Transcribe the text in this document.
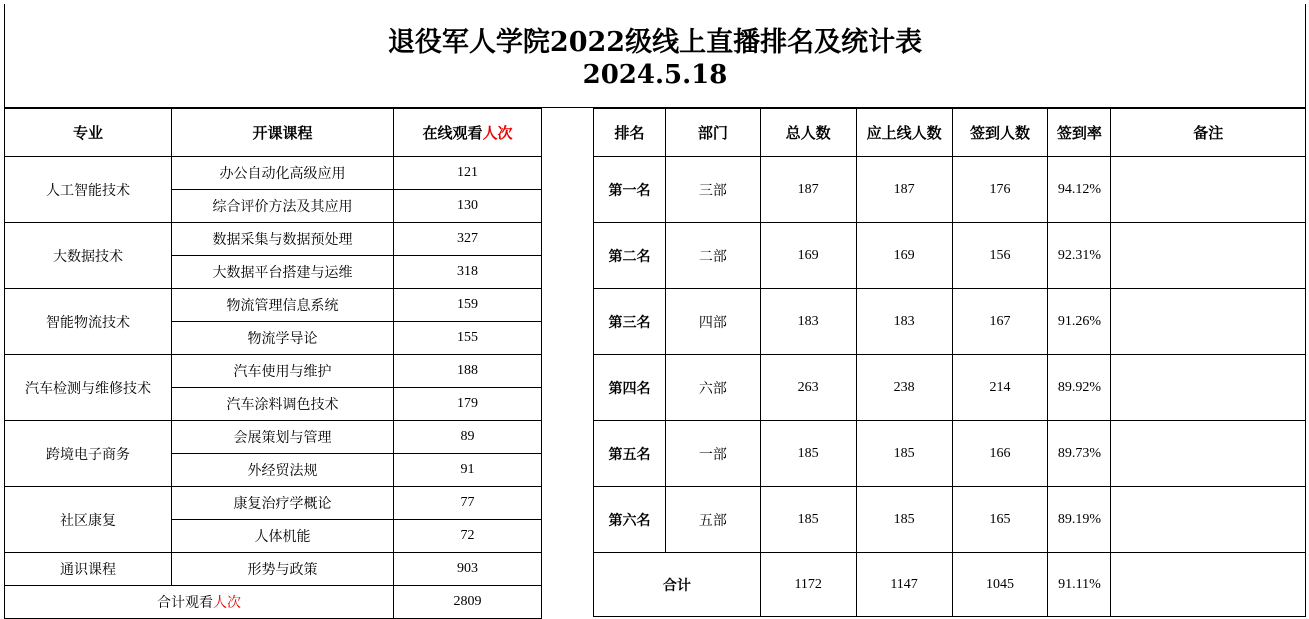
退役军人学院2022级线上直播排名及统计表
2024.5.18
专业	开课课程	在线观看人次
人工智能技术	办公自动化高级应用	121
	综合评价方法及其应用	130
大数据技术	数据采集与数据预处理	327
	大数据平台搭建与运维	318
智能物流技术	物流管理信息系统	159
	物流学导论	155
汽车检测与维修技术	汽车使用与维护	188
	汽车涂料调色技术	179
跨境电子商务	会展策划与管理	89
	外经贸法规	91
社区康复	康复治疗学概论	77
	人体机能	72
通识课程	形势与政策	903
合计观看人次		2809
排名	部门	总人数	应上线人数	签到人数	签到率	备注
第一名	三部	187	187	176	94.12%	
第二名	二部	169	169	156	92.31%	
第三名	四部	183	183	167	91.26%	
第四名	六部	263	238	214	89.92%	
第五名	一部	185	185	166	89.73%	
第六名	五部	185	185	165	89.19%	
合计		1172	1147	1045	91.11%	
